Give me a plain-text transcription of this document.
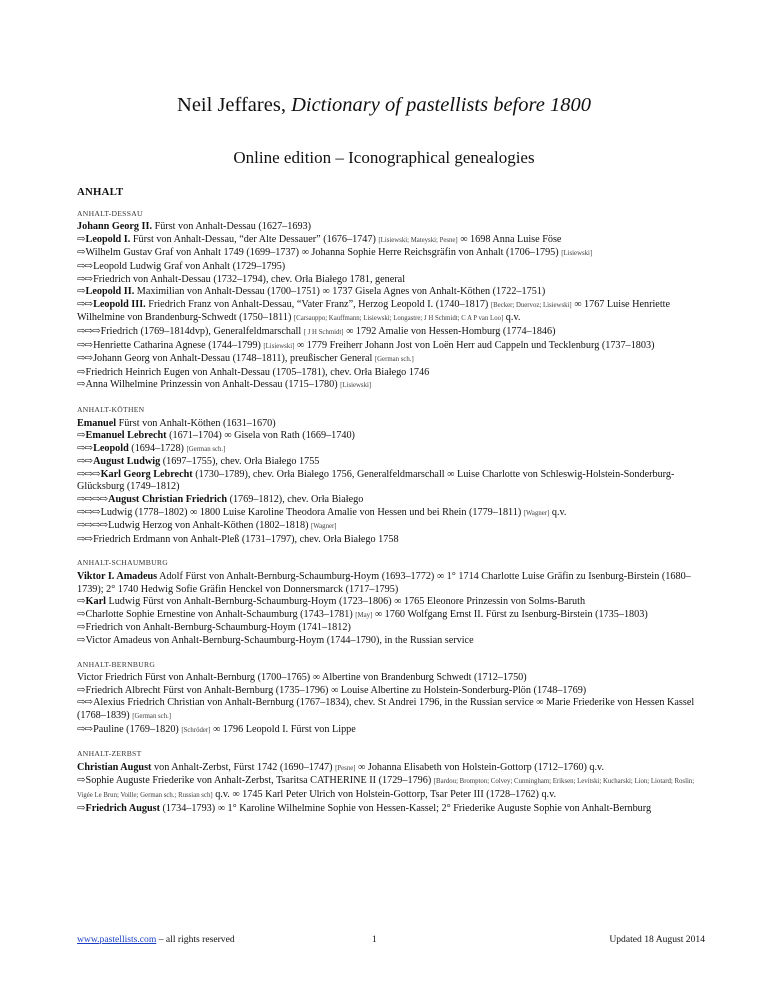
Neil Jeffares, Dictionary of pastellists before 1800
Online edition – Iconographical genealogies
ANHALT
ANHALT-DESSAU
Johann Georg II. Fürst von Anhalt-Dessau (1627–1693)
⇨Leopold I. Fürst von Anhalt-Dessau, “der Alte Dessauer” (1676–1747) [Lisiewski; Mateyski; Pesne] ∞ 1698 Anna Luise Föse
⇨Wilhelm Gustav Graf von Anhalt 1749 (1699–1737) ∞ Johanna Sophie Herre Reichsgräfin von Anhalt (1706–1795) [Lisiewski]
⇨⇨Leopold Ludwig Graf von Anhalt (1729–1795)
⇨⇨Friedrich von Anhalt-Dessau (1732–1794), chev. Orła Białego 1781, general
⇨Leopold II. Maximilian von Anhalt-Dessau (1700–1751) ∞ 1737 Gisela Agnes von Anhalt-Köthen (1722–1751)
⇨⇨Leopold III. Friedrich Franz von Anhalt-Dessau, “Vater Franz”, Herzog Leopold I. (1740–1817) [Becker; Duervoz; Lisiewski] ∞ 1767 Luise Henriette Wilhelmine von Brandenburg-Schwedt (1750–1811) [Carsauppo; Kauffmann; Lisiewski; Longastre; J H Schmidt; C A P van Loo] q.v.
⇨⇨⇨Friedrich (1769–1814dvp), Generalfeldmarschall [ J H Schmidt] ∞ 1792 Amalie von Hessen-Homburg (1774–1846)
⇨⇨Henriette Catharina Agnese (1744–1799) [Lisiewski] ∞ 1779 Freiherr Johann Jost von Loën Herr aud Cappeln und Tecklenburg (1737–1803)
⇨⇨Johann Georg von Anhalt-Dessau (1748–1811), preußischer General [German sch.]
⇨Friedrich Heinrich Eugen von Anhalt-Dessau (1705–1781), chev. Orła Białego 1746
⇨Anna Wilhelmine Prinzessin von Anhalt-Dessau (1715–1780) [Lisiewski]
ANHALT-KÖTHEN
Emanuel Fürst von Anhalt-Köthen (1631–1670)
⇨Emanuel Lebrecht (1671–1704) ∞ Gisela von Rath (1669–1740)
⇨⇨Leopold (1694–1728) [German sch.]
⇨⇨August Ludwig (1697–1755), chev. Orła Białego 1755
⇨⇨⇨Karl Georg Lebrecht (1730–1789), chev. Orła Białego 1756, Generalfeldmarschall ∞ Luise Charlotte von Schleswig-Holstein-Sonderburg-Glücksburg (1749–1812)
⇨⇨⇨⇨August Christian Friedrich (1769–1812), chev. Orła Białego
⇨⇨⇨Ludwig (1778–1802) ∞ 1800 Luise Karoline Theodora Amalie von Hessen und bei Rhein (1779–1811) [Wagner] q.v.
⇨⇨⇨⇨Ludwig Herzog von Anhalt-Köthen (1802–1818) [Wagner]
⇨⇨Friedrich Erdmann von Anhalt-Pleß (1731–1797), chev. Orła Białego 1758
ANHALT-SCHAUMBURG
Viktor I. Amadeus Adolf Fürst von Anhalt-Bernburg-Schaumburg-Hoym (1693–1772) ∞ 1° 1714 Charlotte Luise Gräfin zu Isenburg-Birstein (1680–1739); 2° 1740 Hedwig Sofie Gräfin Henckel von Donnersmarck (1717–1795)
⇨Karl Ludwig Fürst von Anhalt-Bernburg-Schaumburg-Hoym (1723–1806) ∞ 1765 Eleonore Prinzessin von Solms-Baruth
⇨Charlotte Sophie Ernestine von Anhalt-Schaumburg (1743–1781) [May] ∞ 1760 Wolfgang Ernst II. Fürst zu Isenburg-Birstein (1735–1803)
⇨Friedrich von Anhalt-Bernburg-Schaumburg-Hoym (1741–1812)
⇨Victor Amadeus von Anhalt-Bernburg-Schaumburg-Hoym (1744–1790), in the Russian service
ANHALT-BERNBURG
Victor Friedrich Fürst von Anhalt-Bernburg (1700–1765) ∞ Albertine von Brandenburg Schwedt (1712–1750)
⇨Friedrich Albrecht Fürst von Anhalt-Bernburg (1735–1796) ∞ Louise Albertine zu Holstein-Sonderburg-Plön (1748–1769)
⇨⇨Alexius Friedrich Christian von Anhalt-Bernburg (1767–1834), chev. St Andrei 1796, in the Russian service ∞ Marie Friederike von Hessen Kassel (1768–1839) [German sch.]
⇨⇨Pauline (1769–1820) [Schröder] ∞ 1796 Leopold I. Fürst von Lippe
ANHALT-ZERBST
Christian August von Anhalt-Zerbst, Fürst 1742 (1690–1747) [Pesne] ∞ Johanna Elisabeth von Holstein-Gottorp (1712–1760) q.v.
⇨Sophie Auguste Friederike von Anhalt-Zerbst, Tsaritsa CATHERINE II (1729–1796) [Bardou; Brompton; Colvey; Cunningham; Eriksen; Levitski; Kucharski; Lion; Liotard; Roslin; Vigée Le Brun; Voille; German sch.; Russian sch] q.v. ∞ 1745 Karl Peter Ulrich von Holstein-Gottorp, Tsar Peter III (1728–1762) q.v.
⇨Friedrich August (1734–1793) ∞ 1° Karoline Wilhelmine Sophie von Hessen-Kassel; 2° Friederike Auguste Sophie von Anhalt-Bernburg
www.pastellists.com – all rights reserved	1	Updated 18 August 2014
